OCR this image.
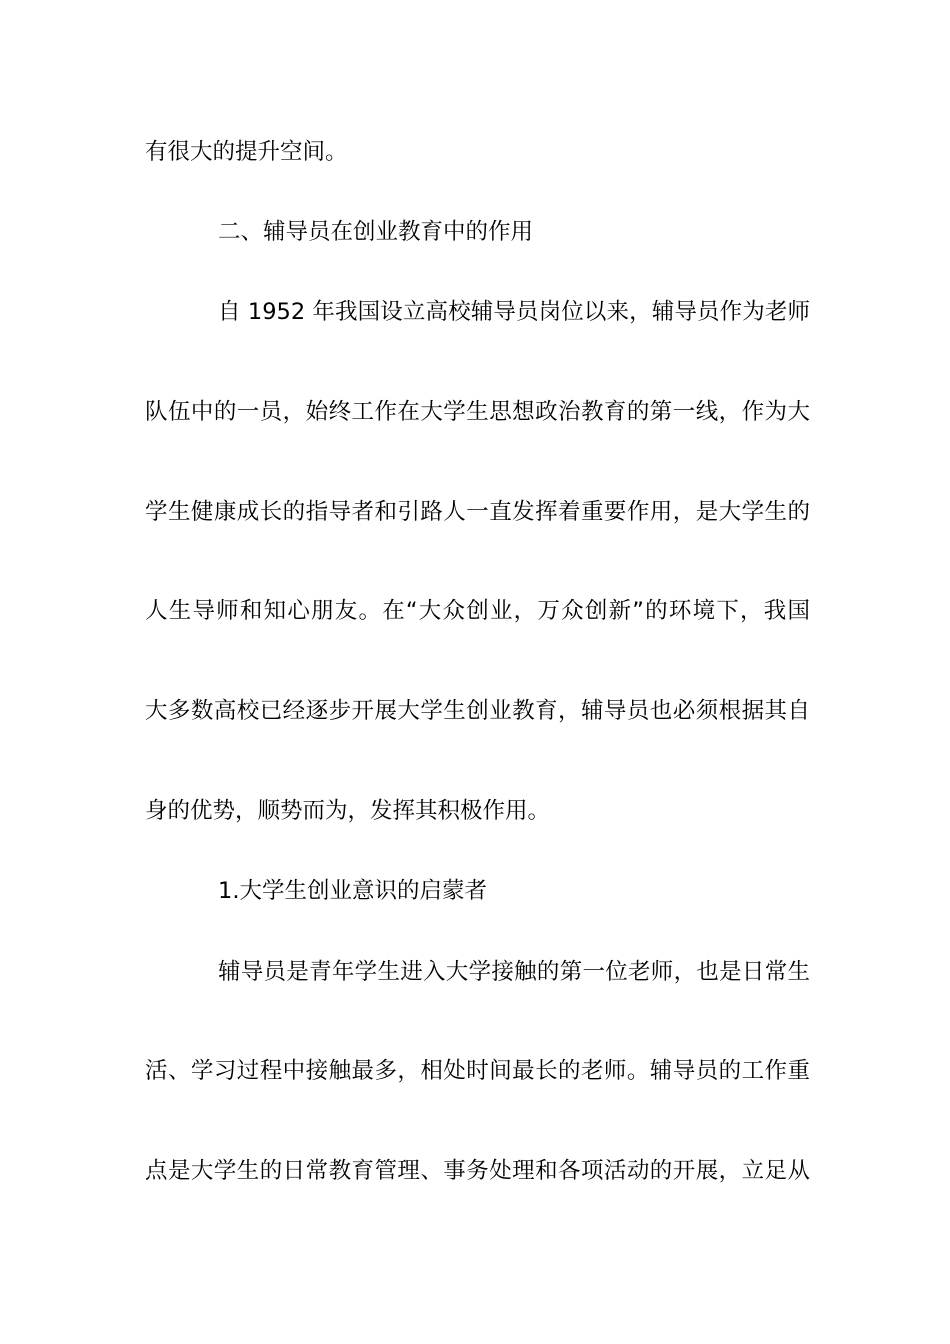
有很大的提升空间。
二、辅导员在创业教育中的作用
自 1952 年我国设立高校辅导员岗位以来，辅导员作为老师
队伍中的一员，始终工作在大学生思想政治教育的第一线，作为大
学生健康成长的指导者和引路人一直发挥着重要作用，是大学生的
人生导师和知心朋友。在“大众创业，万众创新”的环境下，我国
大多数高校已经逐步开展大学生创业教育，辅导员也必须根据其自
身的优势，顺势而为，发挥其积极作用。
1.大学生创业意识的启蒙者
辅导员是青年学生进入大学接触的第一位老师，也是日常生
活、学习过程中接触最多，相处时间最长的老师。辅导员的工作重
点是大学生的日常教育管理、事务处理和各项活动的开展，立足从
